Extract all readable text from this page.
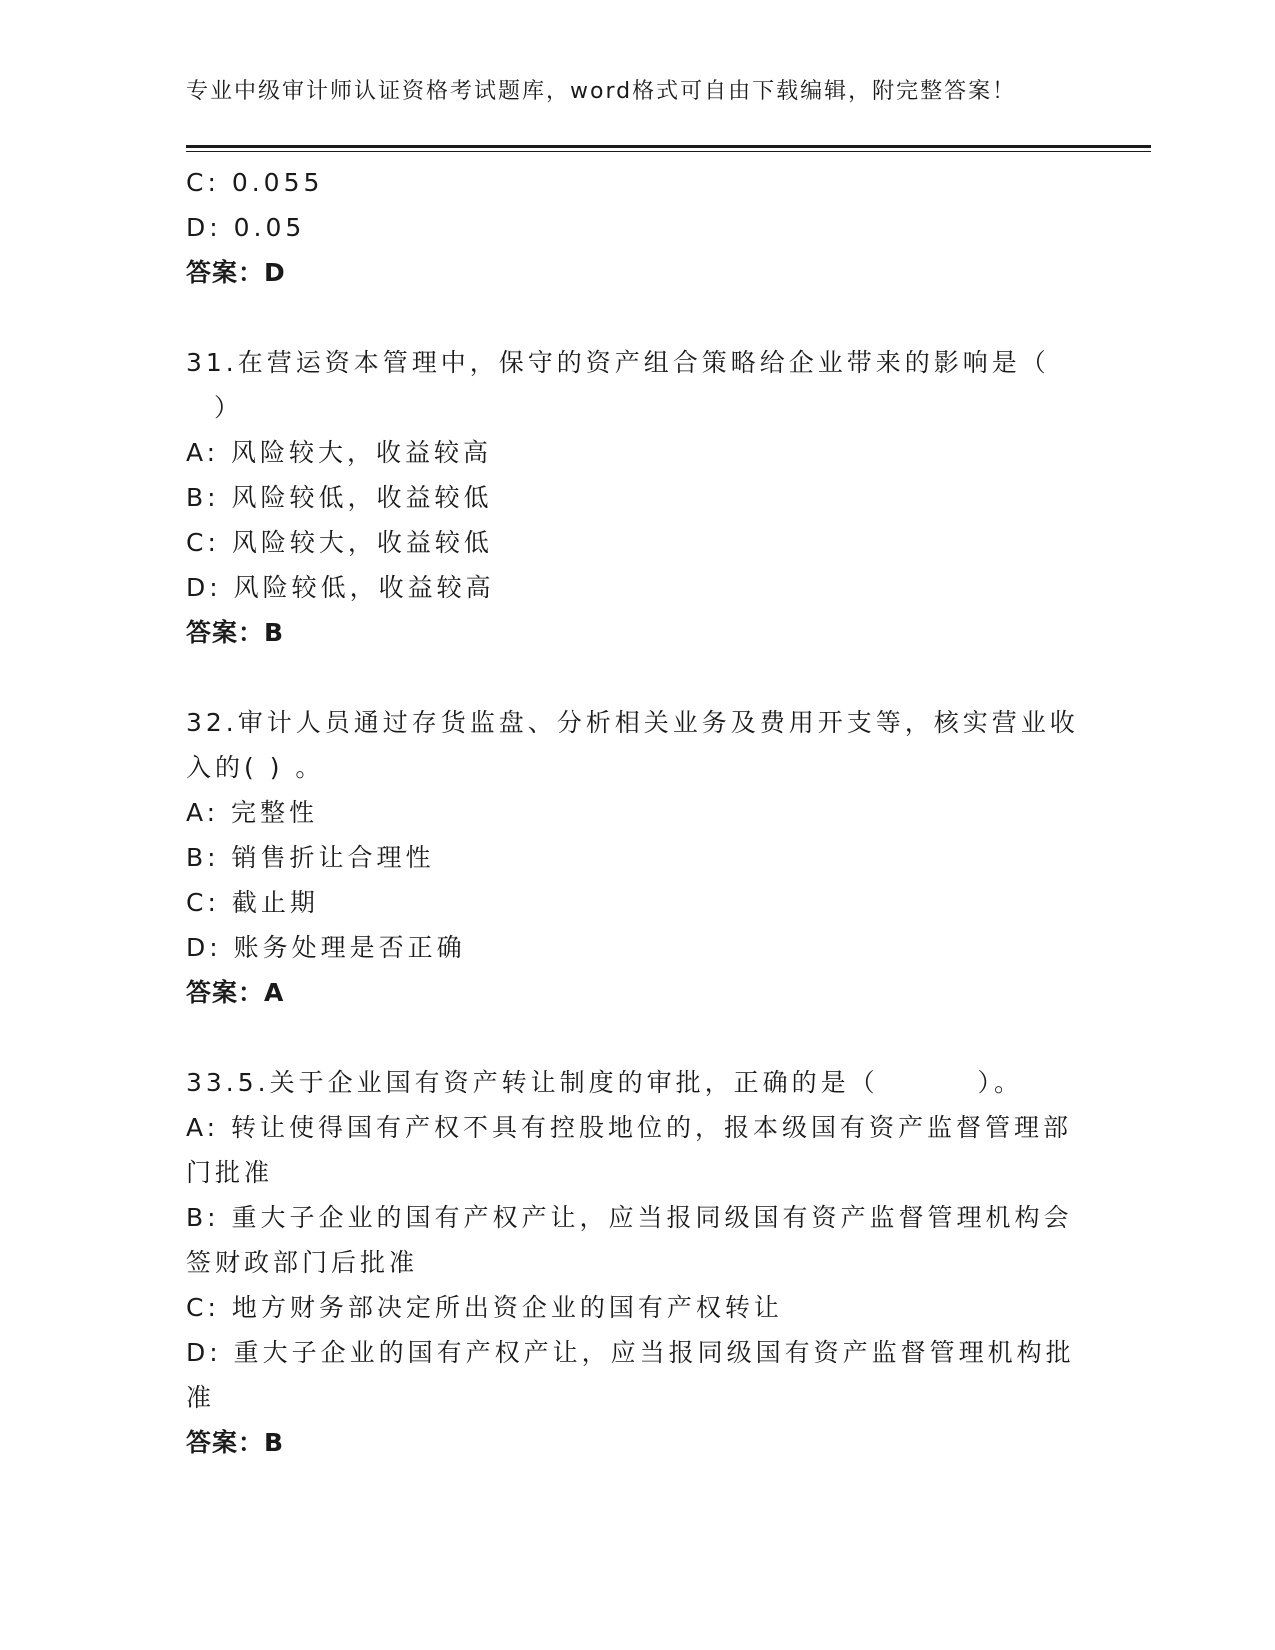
专业中级审计师认证资格考试题库，word格式可自由下载编辑，附完整答案！
C: 0.055
D: 0.05
答案：D
31.在营运资本管理中，保守的资产组合策略给企业带来的影响是（
）
A: 风险较大，收益较高
B: 风险较低，收益较低
C: 风险较大，收益较低
D: 风险较低，收益较高
答案：B
32.审计人员通过存货监盘、分析相关业务及费用开支等，核实营业收
入的( ) 。
A: 完整性
B: 销售折让合理性
C: 截止期
D: 账务处理是否正确
答案：A
33.5.关于企业国有资产转让制度的审批，正确的是（　　　 ）。
A: 转让使得国有产权不具有控股地位的，报本级国有资产监督管理部
门批准
B: 重大子企业的国有产权产让，应当报同级国有资产监督管理机构会
签财政部门后批准
C: 地方财务部决定所出资企业的国有产权转让
D: 重大子企业的国有产权产让，应当报同级国有资产监督管理机构批
准
答案：B
